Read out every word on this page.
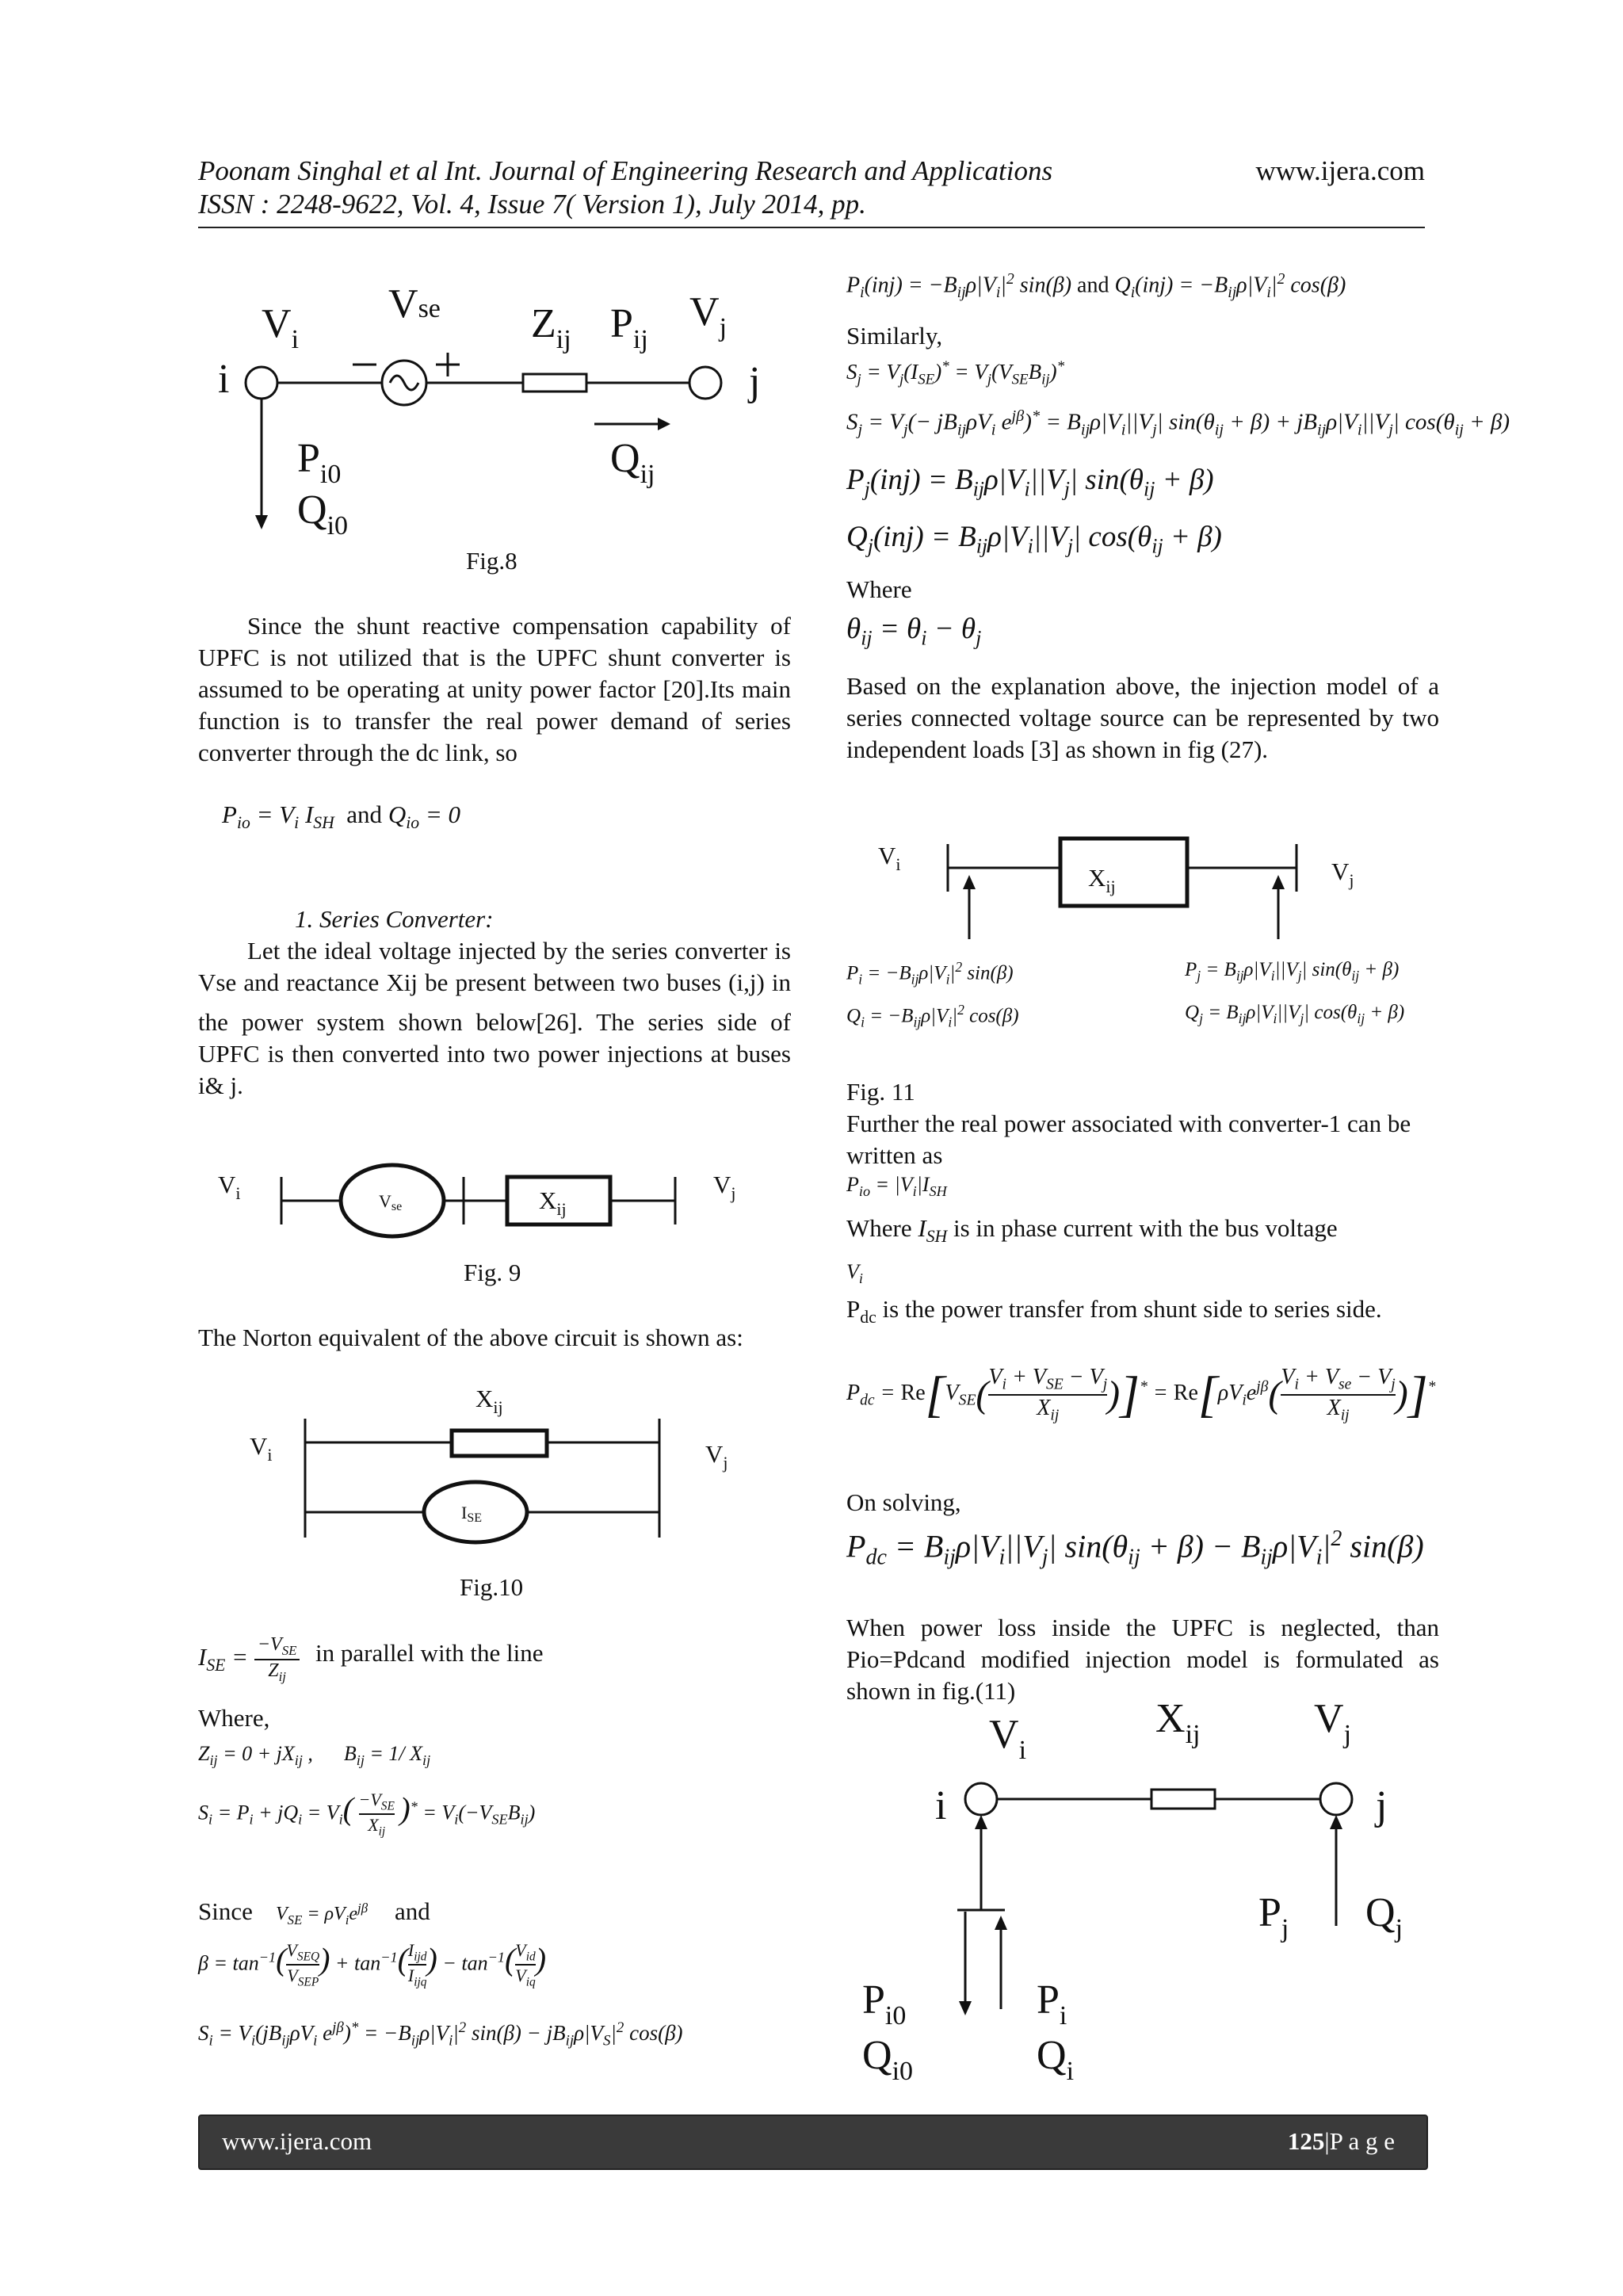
Poonam Singhal et al Int. Journal of Engineering Research and Applications	www.ijera.com
ISSN : 2248-9622, Vol. 4, Issue 7( Version 1), July 2014, pp.
$V_i$
Vse $Z_{ij}$ $P_{ij}$
$V_j$
i	j
$Q_{ij}$
$P_{i0}$
$Q_{i0}$
Fig.8
Since the shunt reactive compensation capability of UPFC is not utilized that is the UPFC shunt converter is assumed to be operating at unity power factor [20].Its main function is to transfer the real power demand of series converter through the dc link, so
$P_{io} = V_i$ $I_{SH}$  and $Q_{io} = 0$
1. Series Converter:
Let the ideal voltage injected by the series converter is Vse and reactance Xij be present between two buses (i,j) in the power system shown below[26]. The series side of UPFC is then converted into two power injections at buses i& j.
$V_i$	$V_j$
Vse	$X_{ij}$
Fig. 9
The Norton equivalent of the above circuit is shown as:
$X_{ij}$
$V_i$	$V_j$
ISE
Fig.10
$I_{SE} = -V_{SE}$
$Z_{ij}$
in parallel with the line
Where,
$Z_{ij} = 0 + jX_{ij}$ ,      $B_{ij} = 1/$ $X_{ij}$
$S_i = P_i + jQ_i = V_i( -V_{SE}$
$X_{ij}$
)$^* = V_i(-V_{SE}B_{ij})$
Since $V_{SE} = \rho V_ie^{j\beta}$ and
$\beta = \tan^{-1}$( $V_{SEQ}$
$V_{SEP}$
) + $\tan^{-1}$( $I_{ijd}$
$I_{ijq}$
) − $\tan^{-1}$( $V_{id}$
$V_{iq}$
)
$S_i = V_i(jB_{ij}\rho V_i$ $e^{j\beta})^* = -B_{ij}\rho|V_i|^2$ $\sin(\beta) - jB_{ij}\rho|V_S|^2$ cos(β)
$P_i(inj) = -B_{ij}\rho|V_i|^2$ sin(β) and $Q_i(inj) = -B_{ij}\rho|V_i|^2$ cos(β)
Similarly,
$S_j = V_j(I_{SE})^* = V_j(V_{SE}B_{ij})^*$
$S_j = V_j(- jB_{ij}\rho V_i$ $e^{j\beta})^* = B_{ij}\rho|V_i||V_j|$ $\sin(\theta_{ij} + \beta) + jB_{ij}\rho|V_i||V_j|$ $\cos(\theta_{ij} + \beta)$
$P_j(inj) = B_{ij}\rho|V_i||V_j|$ $\sin(\theta_{ij} + \beta)$
$Q_j(inj) = B_{ij}\rho|V_i||V_j|$ $\cos(\theta_{ij} + \beta)$
Where
$\theta_{ij} = \theta_i - \theta_j$
Based on the explanation above, the injection model of a series connected voltage source can be represented by two independent loads [3] as shown in fig (27).
$V_i$	$V_j$
$X_{ij}$
$P_i = -B_{ij}\rho|V_i|^2$ sin(β)
$Q_i = -B_{ij}\rho|V_i|^2$ cos(β)
$P_j = B_{ij}\rho|V_i||V_j|$ $\sin(\theta_{ij} + \beta)$
$Q_j = B_{ij}\rho|V_i||V_j|$ $\cos(\theta_{ij} + \beta)$
Fig. 11
Further the real power associated with converter-1 can be written as
$P_{io} = |V_i|I_{SH}$
Where $I_{SH}$ is in phase current with the bus voltage
$V_i$
$P_{dc}$ is the power transfer from shunt side to series side.
$P_{dc} = Re[V_{SE}$( $V_i + V_{SE} - V_j$
$X_{ij}$	)]$^* = Re[\rho V_ie^{j\beta}$( $V_i + V_{se} - V_j$
$X_{ij}$	)]*
On solving,
$P_{dc} = B_{ij}\rho|V_i||V_j|$ $\sin(\theta_{ij} + \beta) - B_{ij}\rho|V_i|^2$ sin(β)
When power loss inside the UPFC is neglected, than Pio=Pdcand modified injection model is formulated as shown in fig.(11)
$V_i$
$X_{ij}$	$V_j$
i	j
$P_j$ $Q_j$
$P_{i0}$
$Q_{i0}$
$P_i$
$Q_i$
www.ijera.com	125|P a g e
